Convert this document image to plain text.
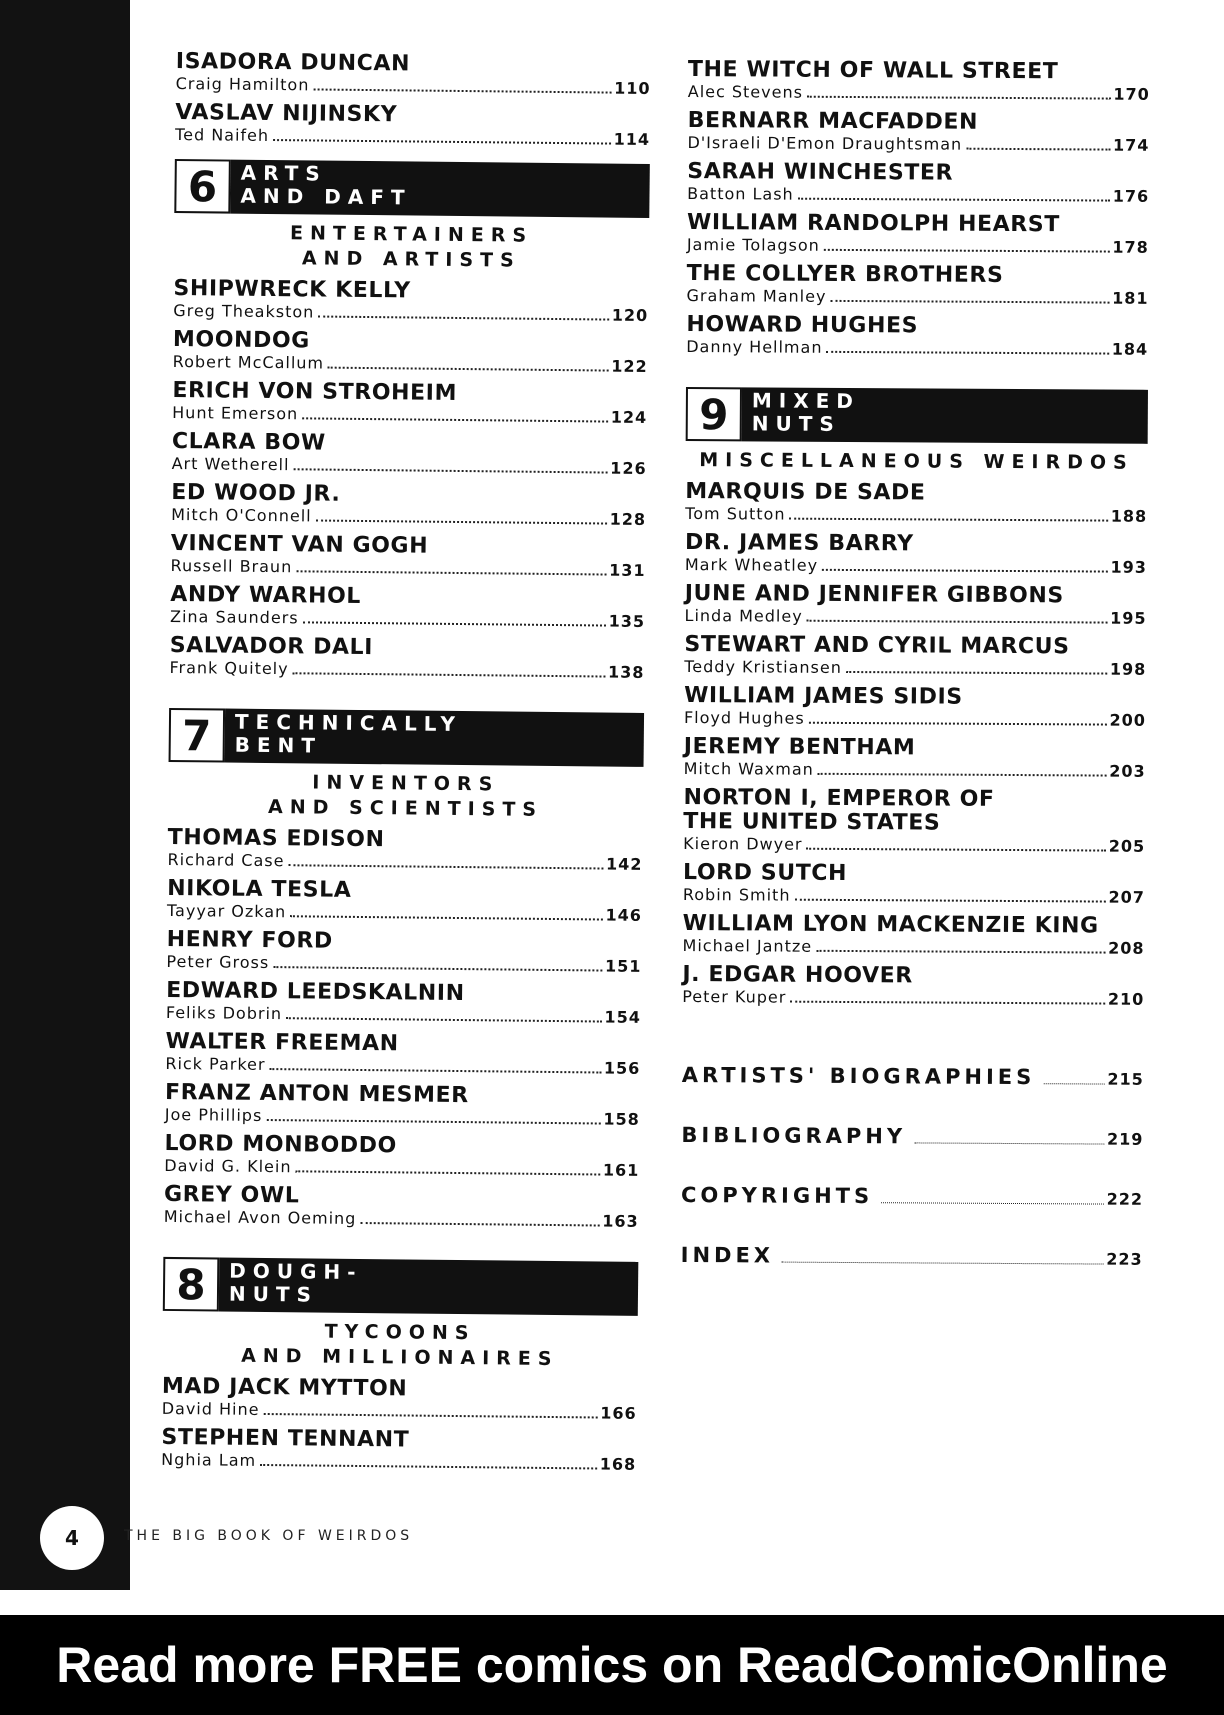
ISADORA DUNCAN
Craig Hamilton	110
VASLAV NIJINSKY
Ted Naifeh	114
6	ARTS
AND DAFT
ENTERTAINERS
AND ARTISTS
SHIPWRECK KELLY
Greg Theakston	120
MOONDOG
Robert McCallum	122
ERICH VON STROHEIM
Hunt Emerson	124
CLARA BOW
Art Wetherell	126
ED WOOD JR.
Mitch O'Connell	128
VINCENT VAN GOGH
Russell Braun	131
ANDY WARHOL
Zina Saunders	135
SALVADOR DALI
Frank Quitely	138
7	TECHNICALLY
BENT
INVENTORS
AND SCIENTISTS
THOMAS EDISON
Richard Case	142
NIKOLA TESLA
Tayyar Ozkan	146
HENRY FORD
Peter Gross	151
EDWARD LEEDSKALNIN
Feliks Dobrin	154
WALTER FREEMAN
Rick Parker	156
FRANZ ANTON MESMER
Joe Phillips	158
LORD MONBODDO
David G. Klein	161
GREY OWL
Michael Avon Oeming	163
8	DOUGH-
NUTS
TYCOONS
AND MILLIONAIRES
MAD JACK MYTTON
David Hine	166
STEPHEN TENNANT
Nghia Lam	168
THE WITCH OF WALL STREET
Alec Stevens	170
BERNARR MACFADDEN
D'Israeli D'Emon Draughtsman	174
SARAH WINCHESTER
Batton Lash	176
WILLIAM RANDOLPH HEARST
Jamie Tolagson	178
THE COLLYER BROTHERS
Graham Manley	181
HOWARD HUGHES
Danny Hellman	184
9	MIXED
NUTS
MISCELLANEOUS WEIRDOS
MARQUIS DE SADE
Tom Sutton	188
DR. JAMES BARRY
Mark Wheatley	193
JUNE AND JENNIFER GIBBONS
Linda Medley	195
STEWART AND CYRIL MARCUS
Teddy Kristiansen	198
WILLIAM JAMES SIDIS
Floyd Hughes	200
JEREMY BENTHAM
Mitch Waxman	203
NORTON I, EMPEROR OF
THE UNITED STATES
Kieron Dwyer	205
LORD SUTCH
Robin Smith	207
WILLIAM LYON MACKENZIE KING
Michael Jantze	208
J. EDGAR HOOVER
Peter Kuper	210
ARTISTS' BIOGRAPHIES	215
BIBLIOGRAPHY	219
COPYRIGHTS	222
INDEX	223
4	THE BIG BOOK OF WEIRDOS
Read more FREE comics on ReadComicOnline
